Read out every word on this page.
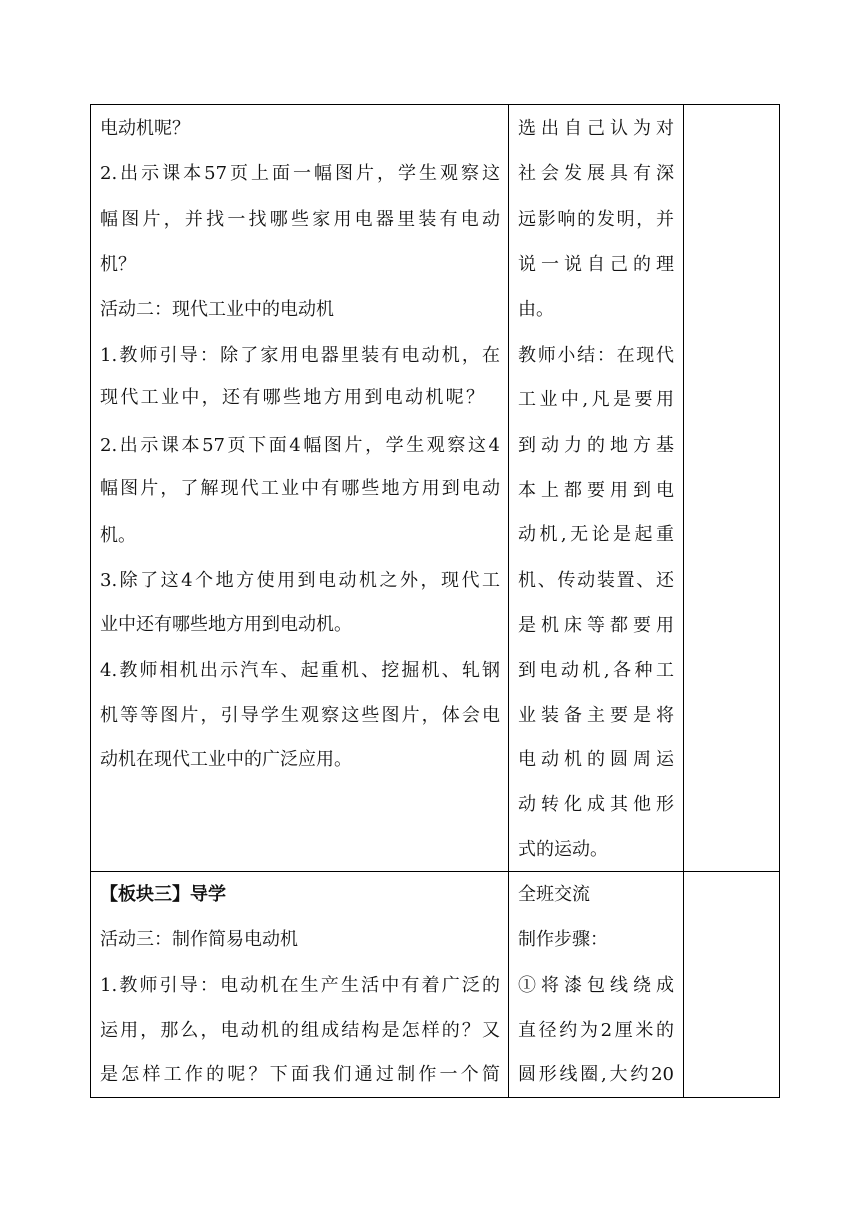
电动机呢？
2.出示课本57页上面一幅图片，学生观察这
幅图片，并找一找哪些家用电器里装有电动
机？
活动二：现代工业中的电动机
1.教师引导：除了家用电器里装有电动机，在
现代工业中，还有哪些地方用到电动机呢？
2.出示课本57页下面4幅图片，学生观察这4
幅图片，了解现代工业中有哪些地方用到电动
机。
3.除了这4个地方使用到电动机之外，现代工
业中还有哪些地方用到电动机。
4.教师相机出示汽车、起重机、挖掘机、轧钢
机等等图片，引导学生观察这些图片，体会电
动机在现代工业中的广泛应用。
选出自己认为对
社会发展具有深
远影响的发明，并
说一说自己的理
由。
教师小结：在现代
工业中,凡是要用
到动力的地方基
本上都要用到电
动机,无论是起重
机、传动装置、还
是机床等都要用
到电动机,各种工
业装备主要是将
电动机的圆周运
动转化成其他形
式的运动。
【板块三】导学
活动三：制作简易电动机
1.教师引导：电动机在生产生活中有着广泛的
运用，那么，电动机的组成结构是怎样的？又
是怎样工作的呢？下面我们通过制作一个简
全班交流
制作步骤：
①将漆包线绕成
直径约为2厘米的
圆形线圈,大约20
